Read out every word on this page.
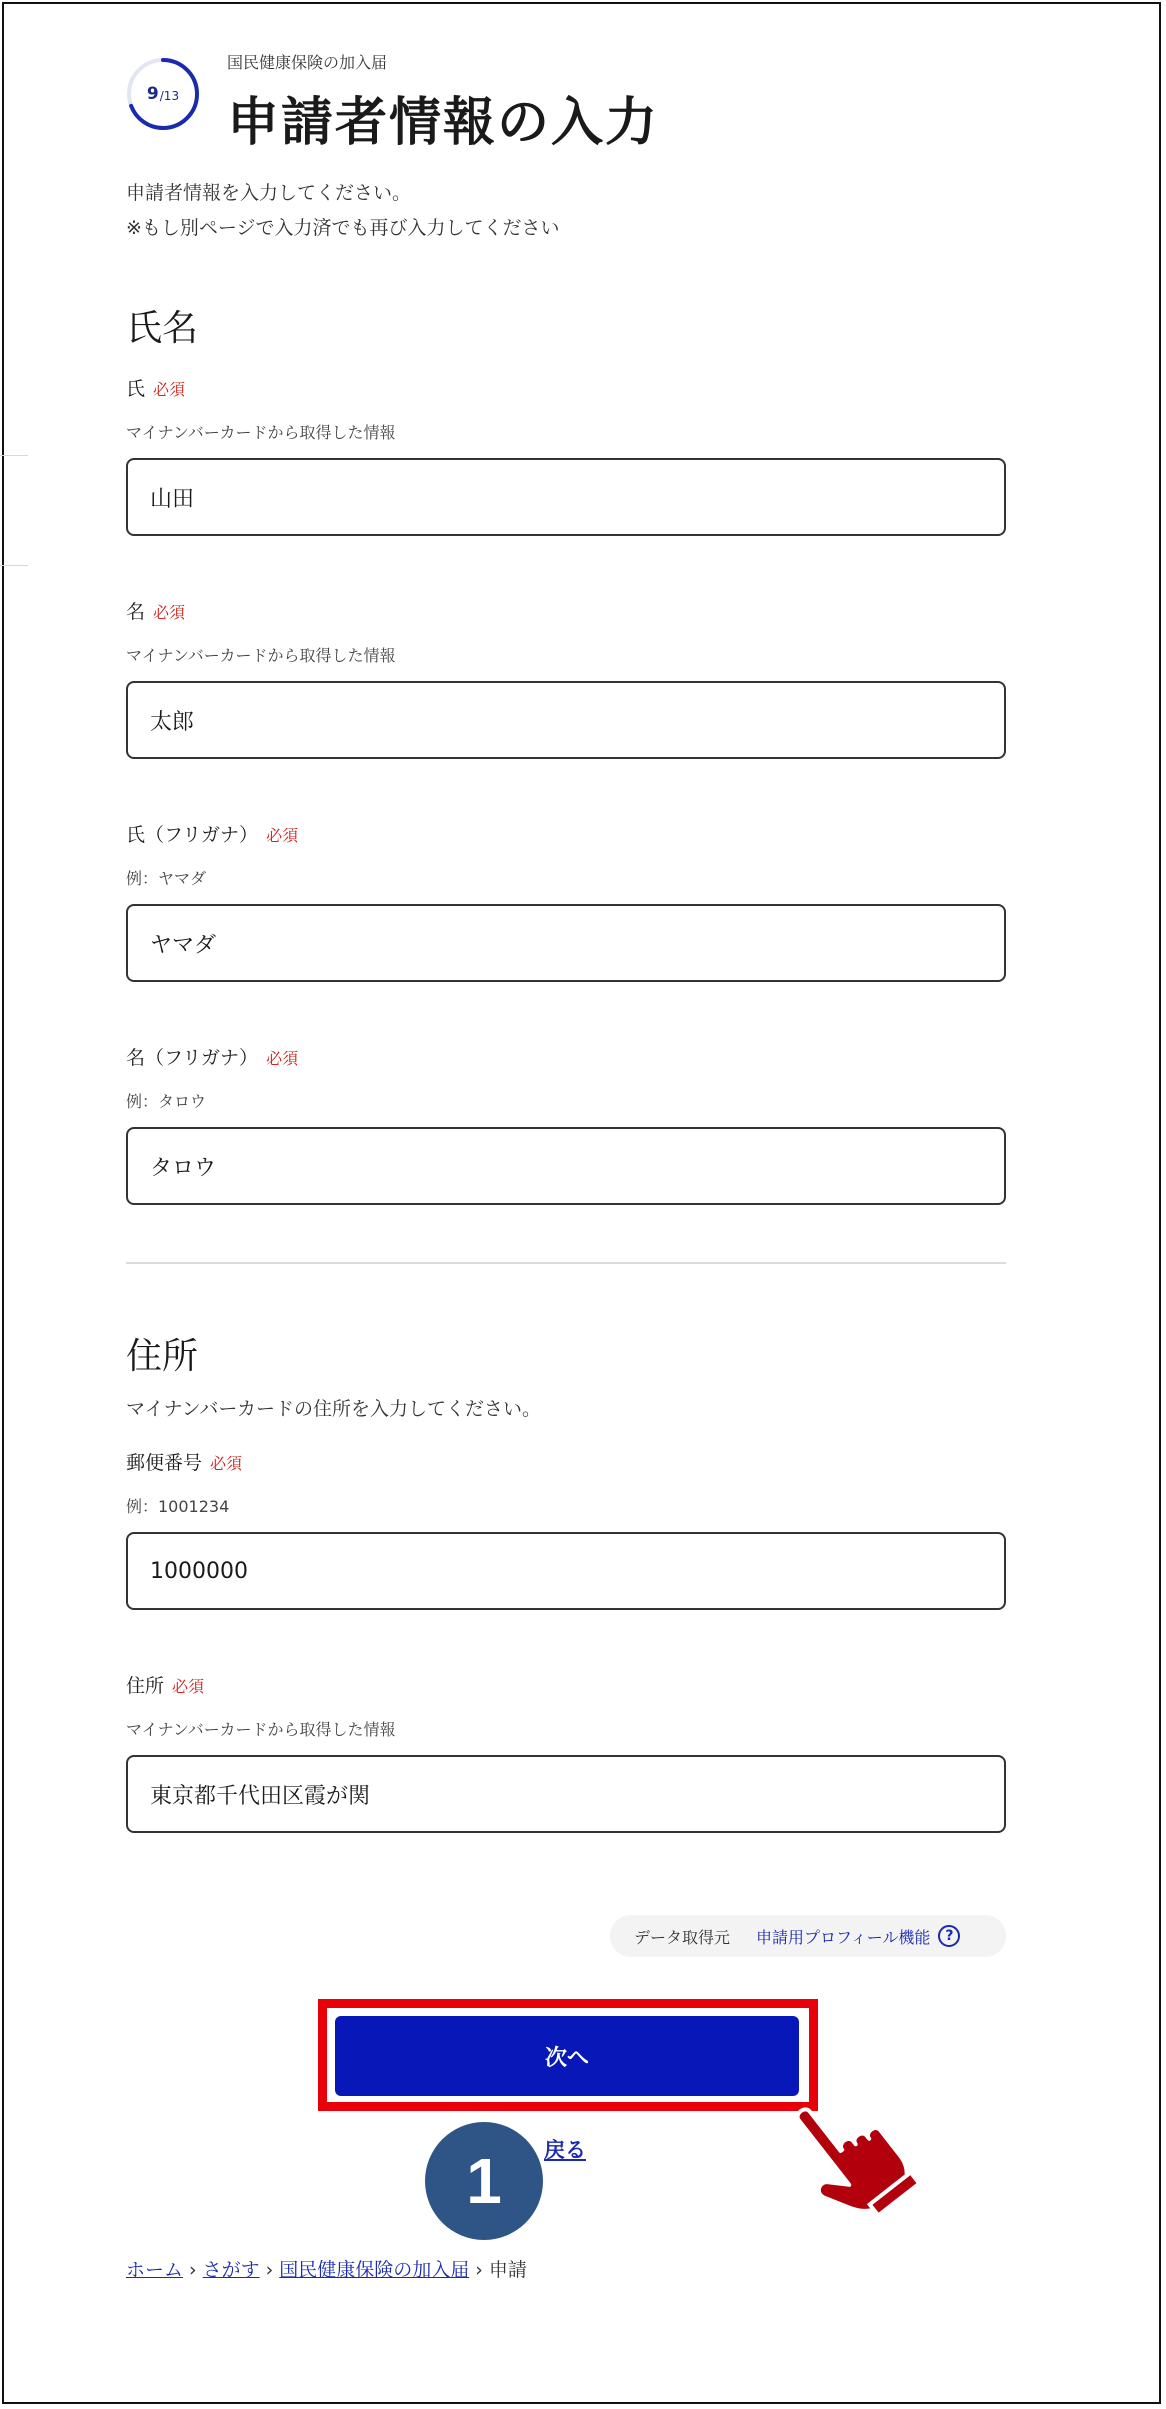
9 /13
国民健康保険の加入届
申請者情報の入力
申請者情報を入力してください。
※もし別ページで入力済でも再び入力してください
氏名
氏 必須
マイナンバーカードから取得した情報
山田
名 必須
マイナンバーカードから取得した情報
太郎
氏（フリガナ） 必須
例：ヤマダ
ヤマダ
名（フリガナ） 必須
例：タロウ
タロウ
住所
マイナンバーカードの住所を入力してください。
郵便番号 必須
例：1001234
1000000
住所 必須
マイナンバーカードから取得した情報
東京都千代田区霞が関
データ取得元 申請用プロフィール機能	?
次へ
戻る
1
ホーム › さがす › 国民健康保険の加入届 › 申請
